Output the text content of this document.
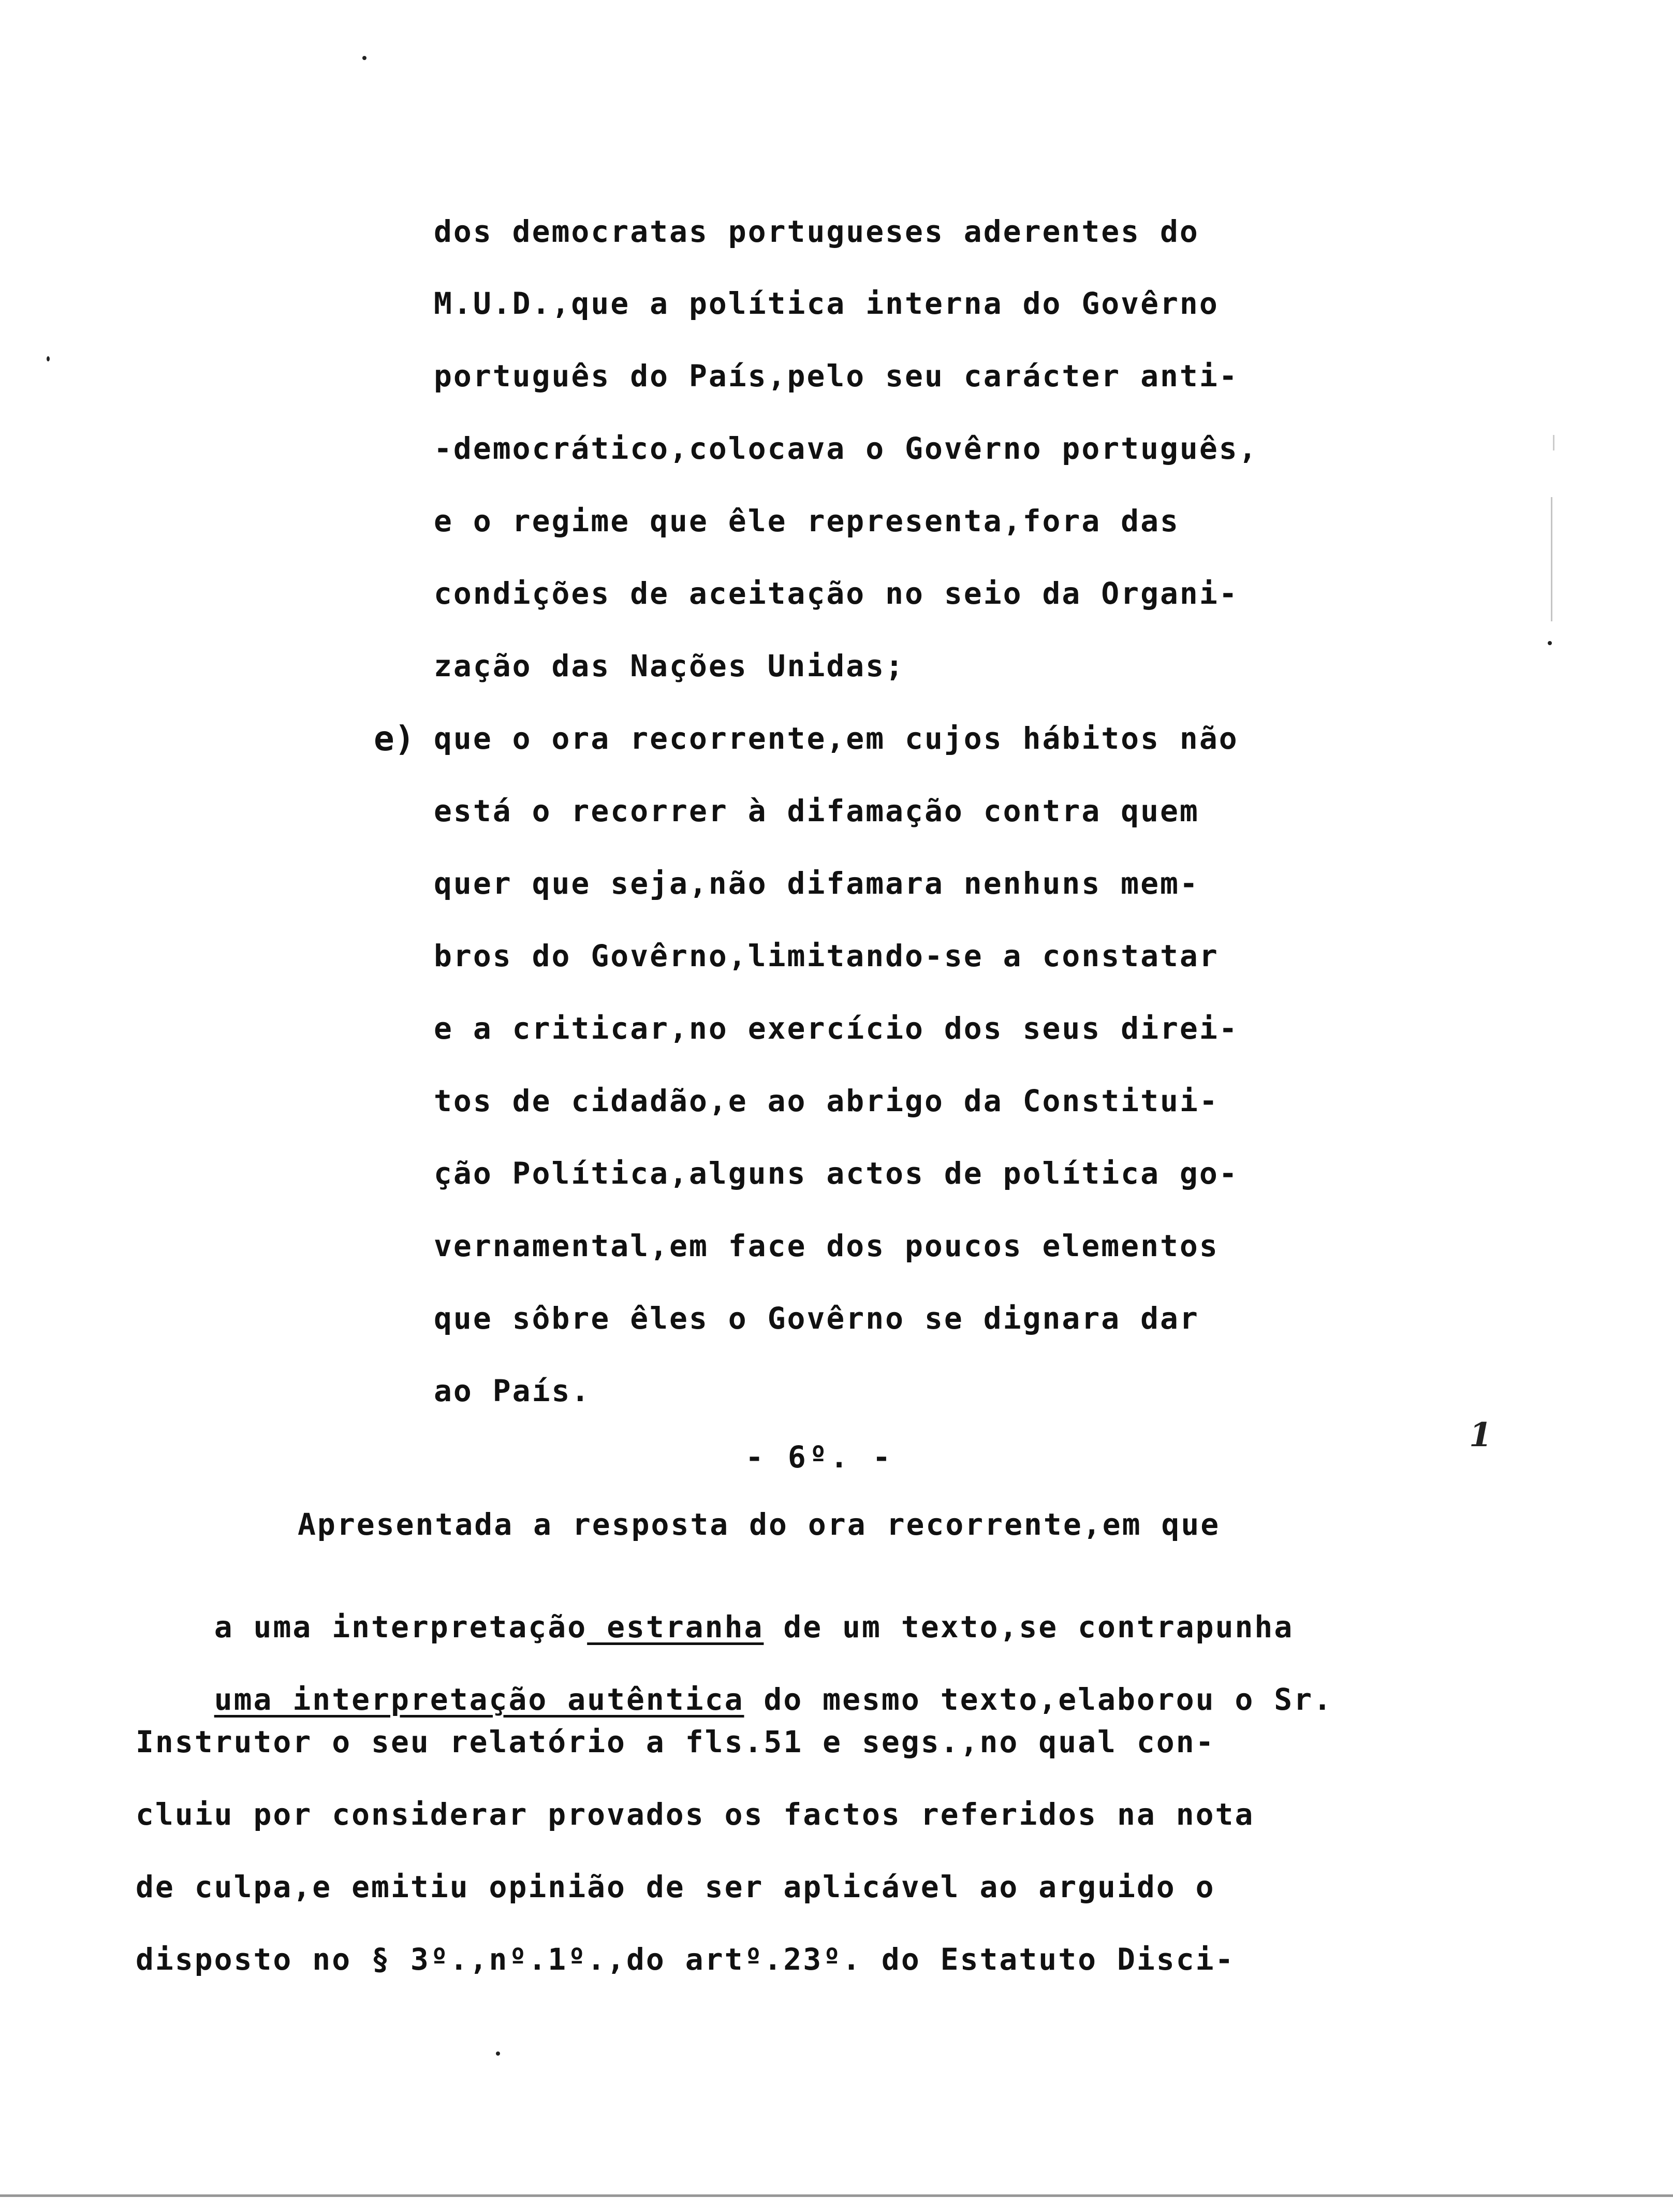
dos democratas portugueses aderentes do
M.U.D.,que a política interna do Govêrno
português do País,pelo seu carácter anti-
-democrático,colocava o Govêrno português,
e o regime que êle representa,fora das
condições de aceitação no seio da Organi-
zação das Nações Unidas;
e) que o ora recorrente,em cujos hábitos não
está o recorrer à difamação contra quem
quer que seja,não difamara nenhuns mem-
bros do Govêrno,limitando-se a constatar
e a criticar,no exercício dos seus direi-
tos de cidadão,e ao abrigo da Constitui-
ção Política,alguns actos de política go-
vernamental,em face dos poucos elementos
que sôbre êles o Govêrno se dignara dar
ao País.
- 6º. -
Apresentada a resposta do ora recorrente,em que

a uma interpretação estranha de um texto,se contrapunha

uma interpretação autêntica do mesmo texto,elaborou o Sr.

Instrutor o seu relatório a fls.51 e segs.,no qual con-
cluiu por considerar provados os factos referidos na nota
de culpa,e emitiu opinião de ser aplicável ao arguido o
disposto no § 3º.,nº.1º.,do artº.23º. do Estatuto Disci-
1
